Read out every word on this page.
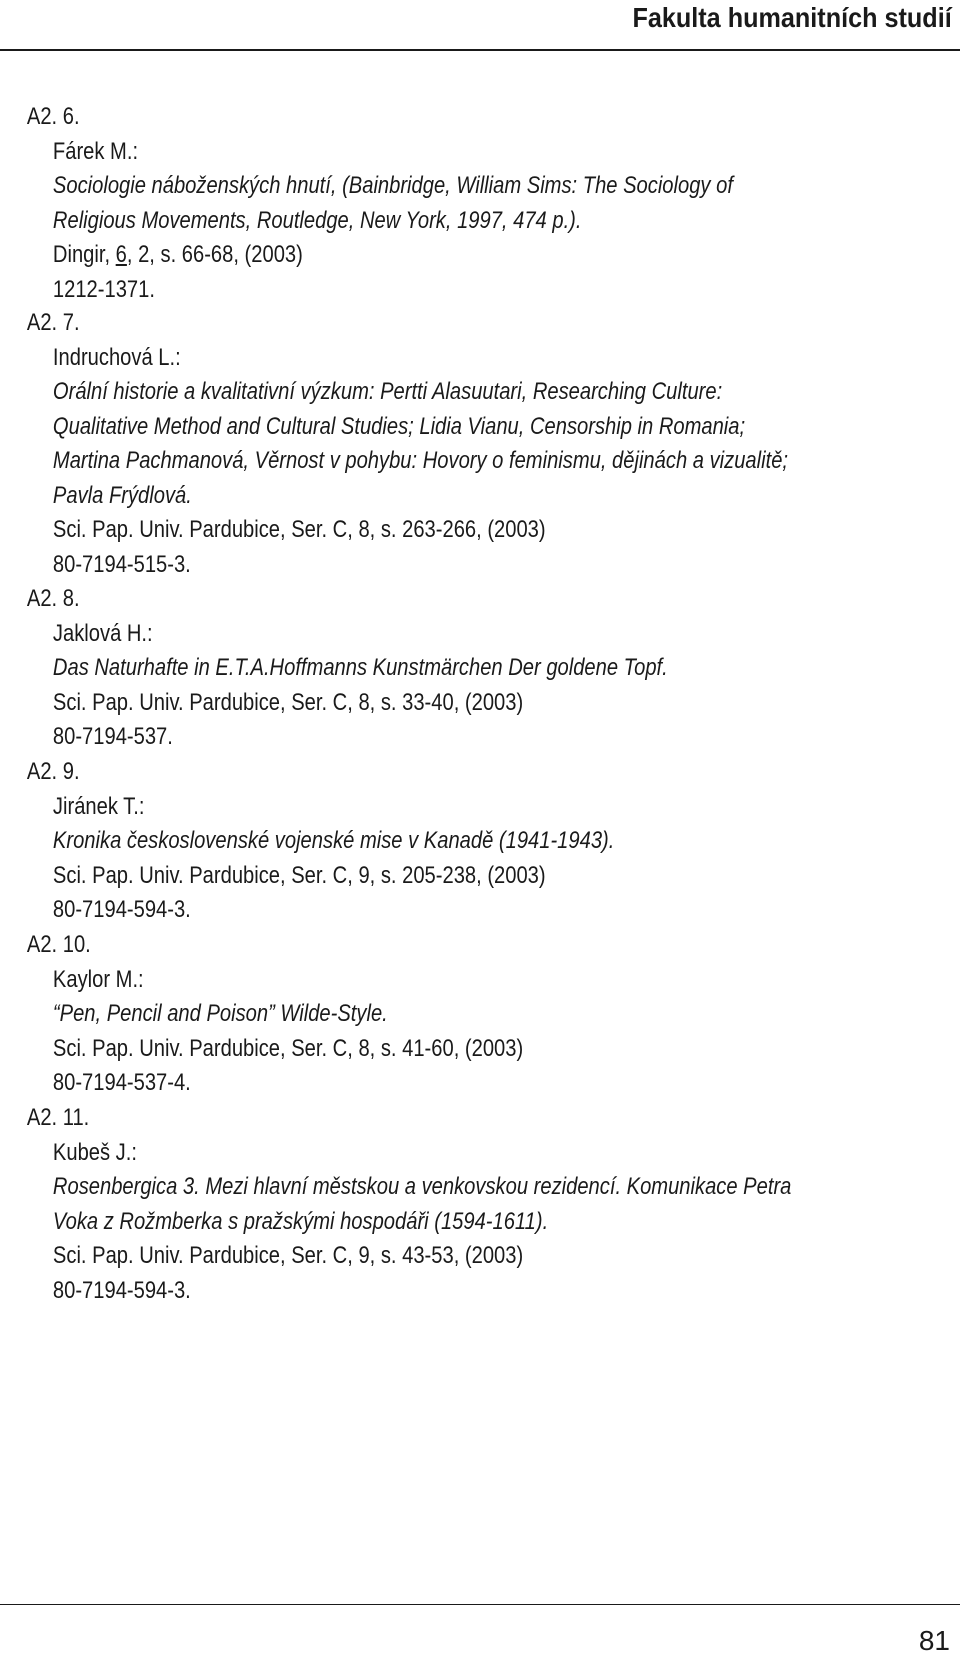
Fakulta humanitních studií
A2. 6.
Fárek M.:
Sociologie náboženských hnutí, (Bainbridge, William Sims: The Sociology of
Religious Movements, Routledge, New York, 1997, 474 p.).
Dingir, 6, 2, s. 66-68, (2003)
1212-1371.
A2. 7.
Indruchová L.:
Orální historie a kvalitativní výzkum: Pertti Alasuutari, Researching Culture:
Qualitative Method and Cultural Studies; Lidia Vianu, Censorship in Romania;
Martina Pachmanová, Věrnost v pohybu: Hovory o feminismu, dějinách a vizualitě;
Pavla Frýdlová.
Sci. Pap. Univ. Pardubice, Ser. C, 8, s. 263-266, (2003)
80-7194-515-3.
A2. 8.
Jaklová H.:
Das Naturhafte in E.T.A.Hoffmanns Kunstmärchen Der goldene Topf.
Sci. Pap. Univ. Pardubice, Ser. C, 8, s. 33-40, (2003)
80-7194-537.
A2. 9.
Jiránek T.:
Kronika československé vojenské mise v Kanadě (1941-1943).
Sci. Pap. Univ. Pardubice, Ser. C, 9, s. 205-238, (2003)
80-7194-594-3.
A2. 10.
Kaylor M.:
“Pen, Pencil and Poison” Wilde-Style.
Sci. Pap. Univ. Pardubice, Ser. C, 8, s. 41-60, (2003)
80-7194-537-4.
A2. 11.
Kubeš J.:
Rosenbergica 3. Mezi hlavní městskou a venkovskou rezidencí. Komunikace Petra
Voka z Rožmberka s pražskými hospodáři (1594-1611).
Sci. Pap. Univ. Pardubice, Ser. C, 9, s. 43-53, (2003)
80-7194-594-3.
81
